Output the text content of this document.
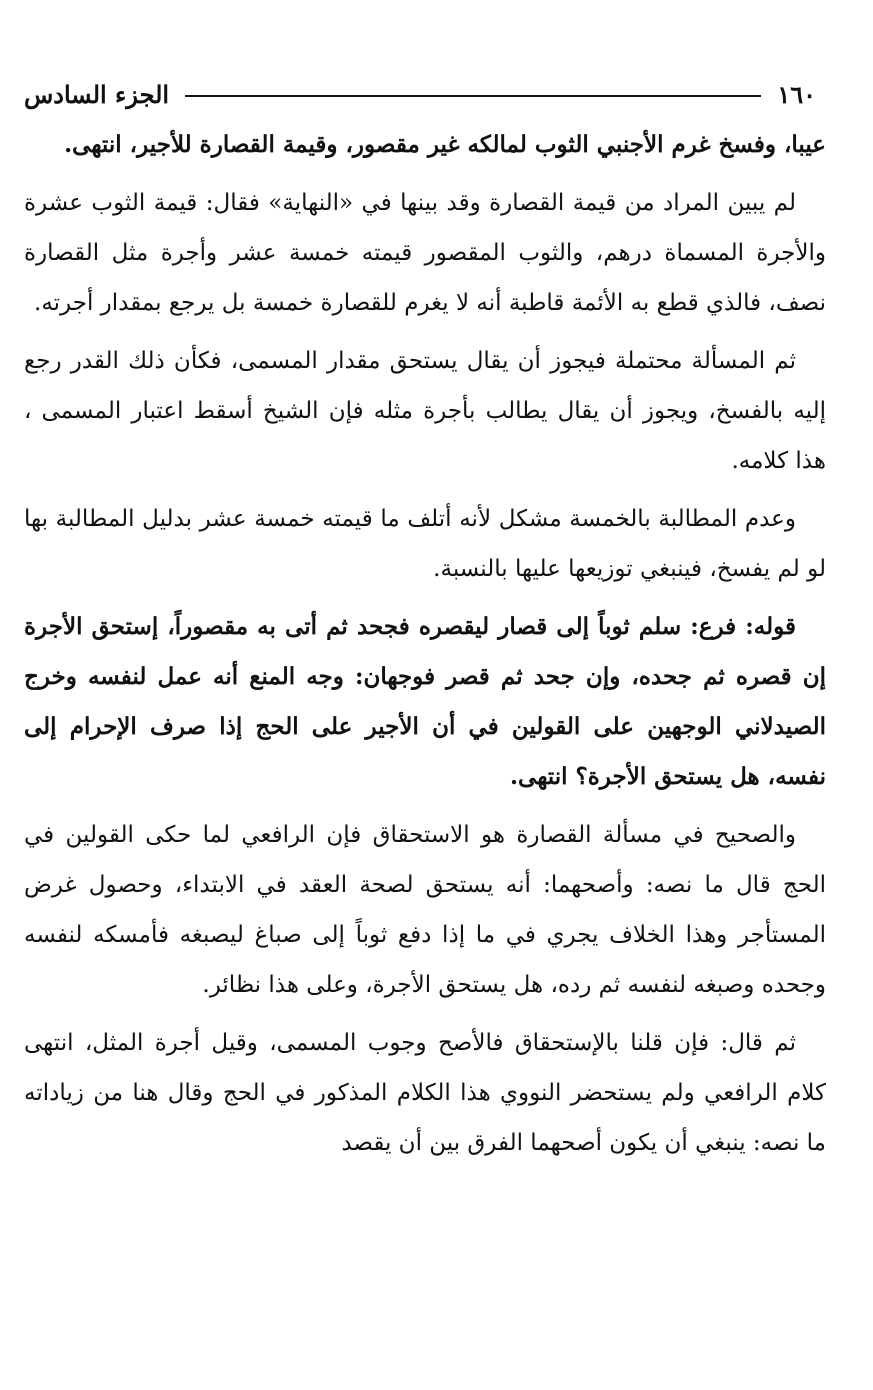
١٦٠
الجزء السادس

عيبا، وفسخ غرم الأجنبي الثوب لمالكه غير مقصور، وقيمة القصارة للأجير، انتهى.

لم يبين المراد من قيمة القصارة وقد بينها في «النهاية» فقال: قيمة الثوب عشرة والأجرة المسماة درهم، والثوب المقصور قيمته خمسة عشر وأجرة مثل القصارة نصف، فالذي قطع به الأئمة قاطبة أنه لا يغرم للقصارة خمسة بل يرجع بمقدار أجرته.

ثم المسألة محتملة فيجوز أن يقال يستحق مقدار المسمى، فكأن ذلك القدر رجع إليه بالفسخ، ويجوز أن يقال يطالب بأجرة مثله فإن الشيخ أسقط اعتبار المسمى ، هذا كلامه.

وعدم المطالبة بالخمسة مشكل لأنه أتلف ما قيمته خمسة عشر بدليل المطالبة بها لو لم يفسخ، فينبغي توزيعها عليها بالنسبة.

قوله: فرع: سلم ثوباً إلى قصار ليقصره فجحد ثم أتى به مقصوراً، إستحق الأجرة إن قصره ثم جحده، وإن جحد ثم قصر فوجهان: وجه المنع أنه عمل لنفسه وخرج الصيدلاني الوجهين على القولين في أن الأجير على الحج إذا صرف الإحرام إلى نفسه، هل يستحق الأجرة؟ انتهى.

والصحيح في مسألة القصارة هو الاستحقاق فإن الرافعي لما حكى القولين في الحج قال ما نصه: وأصحهما: أنه يستحق لصحة العقد في الابتداء، وحصول غرض المستأجر وهذا الخلاف يجري في ما إذا دفع ثوباً إلى صباغ ليصبغه فأمسكه لنفسه وجحده وصبغه لنفسه ثم رده، هل يستحق الأجرة، وعلى هذا نظائر.

ثم قال: فإن قلنا بالإستحقاق فالأصح وجوب المسمى، وقيل أجرة المثل، انتهى كلام الرافعي ولم يستحضر النووي هذا الكلام المذكور في الحج وقال هنا من زياداته ما نصه: ينبغي أن يكون أصحهما الفرق بين أن يقصد
